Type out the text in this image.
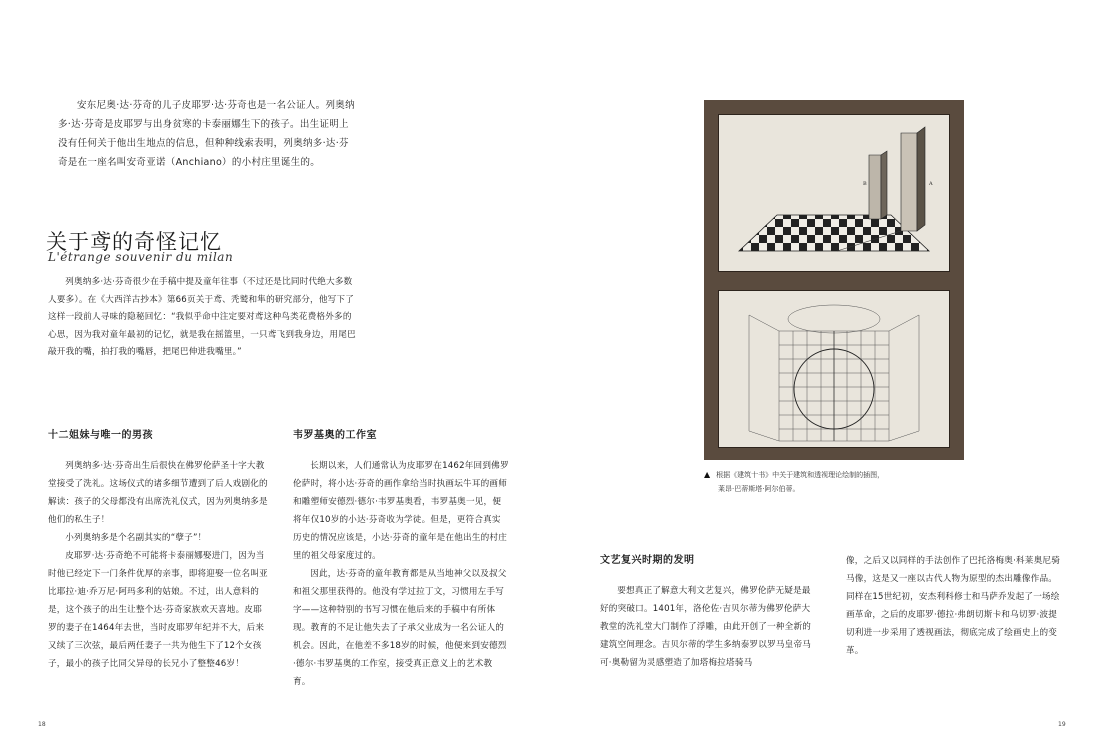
安东尼奥·达·芬奇的儿子皮耶罗·达·芬奇也是一名公证人。列奥纳多·达·芬奇是皮耶罗与出身贫寒的卡泰丽娜生下的孩子。出生证明上没有任何关于他出生地点的信息，但种种线索表明，列奥纳多·达·芬奇是在一座名叫安奇亚诺（Anchiano）的小村庄里诞生的。

关于鸢的奇怪记忆
L'étrange souvenir du milan

列奥纳多·达·芬奇很少在手稿中提及童年往事（不过还是比同时代绝大多数人要多）。在《大西洋古抄本》第66页关于鸢、秃鹫和隼的研究部分，他写下了这样一段前人寻味的隐秘回忆：“我似乎命中注定要对鸢这种鸟类花费格外多的心思，因为我对童年最初的记忆，就是我在摇篮里，一只鸢飞到我身边，用尾巴敲开我的嘴，拍打我的嘴唇，把尾巴伸进我嘴里。”

十二姐妹与唯一的男孩

列奥纳多·达·芬奇出生后很快在佛罗伦萨圣十字大教堂接受了洗礼。这场仪式的诸多细节遭到了后人戏剧化的解读：孩子的父母都没有出席洗礼仪式，因为列奥纳多是他们的私生子！

小列奥纳多是个名副其实的“孽子”！

皮耶罗·达·芬奇绝不可能将卡泰丽娜娶进门，因为当时他已经定下一门条件优厚的亲事，即将迎娶一位名叫亚比耶拉·迪·乔万尼·阿玛多利的姑娘。不过，出人意料的是，这个孩子的出生让整个达·芬奇家族欢天喜地。皮耶罗的妻子在1464年去世，当时皮耶罗年纪并不大，后来又续了三次弦，最后两任妻子一共为他生下了12个女孩子，最小的孩子比同父异母的长兄小了整整46岁！

韦罗基奥的工作室

长期以来，人们通常认为皮耶罗在1462年回到佛罗伦萨时，将小达·芬奇的画作拿给当时执画坛牛耳的画师和雕塑师安德烈·德尔·韦罗基奥看，韦罗基奥一见，便将年仅10岁的小达·芬奇收为学徒。但是，更符合真实历史的情况应该是，小达·芬奇的童年是在他出生的村庄里的祖父母家度过的。

因此，达·芬奇的童年教育都是从当地神父以及叔父和祖父那里获得的。他没有学过拉丁文，习惯用左手写字——这种特别的书写习惯在他后来的手稿中有所体现。教育的不足让他失去了子承父业成为一名公证人的机会。因此，在他差不多18岁的时候，他便来到安德烈·德尔·韦罗基奥的工作室，接受真正意义上的艺术教育。

18
B	A
▲ 根据《建筑十书》中关于建筑和透视理论绘制的插图，
莱昂·巴蒂斯塔·阿尔伯蒂。
文艺复兴时期的发明

要想真正了解意大利文艺复兴，佛罗伦萨无疑是最好的突破口。1401年，洛伦佐·吉贝尔蒂为佛罗伦萨大教堂的洗礼堂大门制作了浮雕，由此开创了一种全新的建筑空间理念。吉贝尔蒂的学生多纳泰罗以罗马皇帝马可·奥勒留为灵感塑造了加塔梅拉塔骑马

像，之后又以同样的手法创作了巴托洛梅奥·科莱奥尼骑马像，这是又一座以古代人物为原型的杰出雕像作品。同样在15世纪初，安杰利科修士和马萨乔发起了一场绘画革命，之后的皮耶罗·德拉·弗朗切斯卡和乌切罗·波提切利进一步采用了透视画法，彻底完成了绘画史上的变革。

19
